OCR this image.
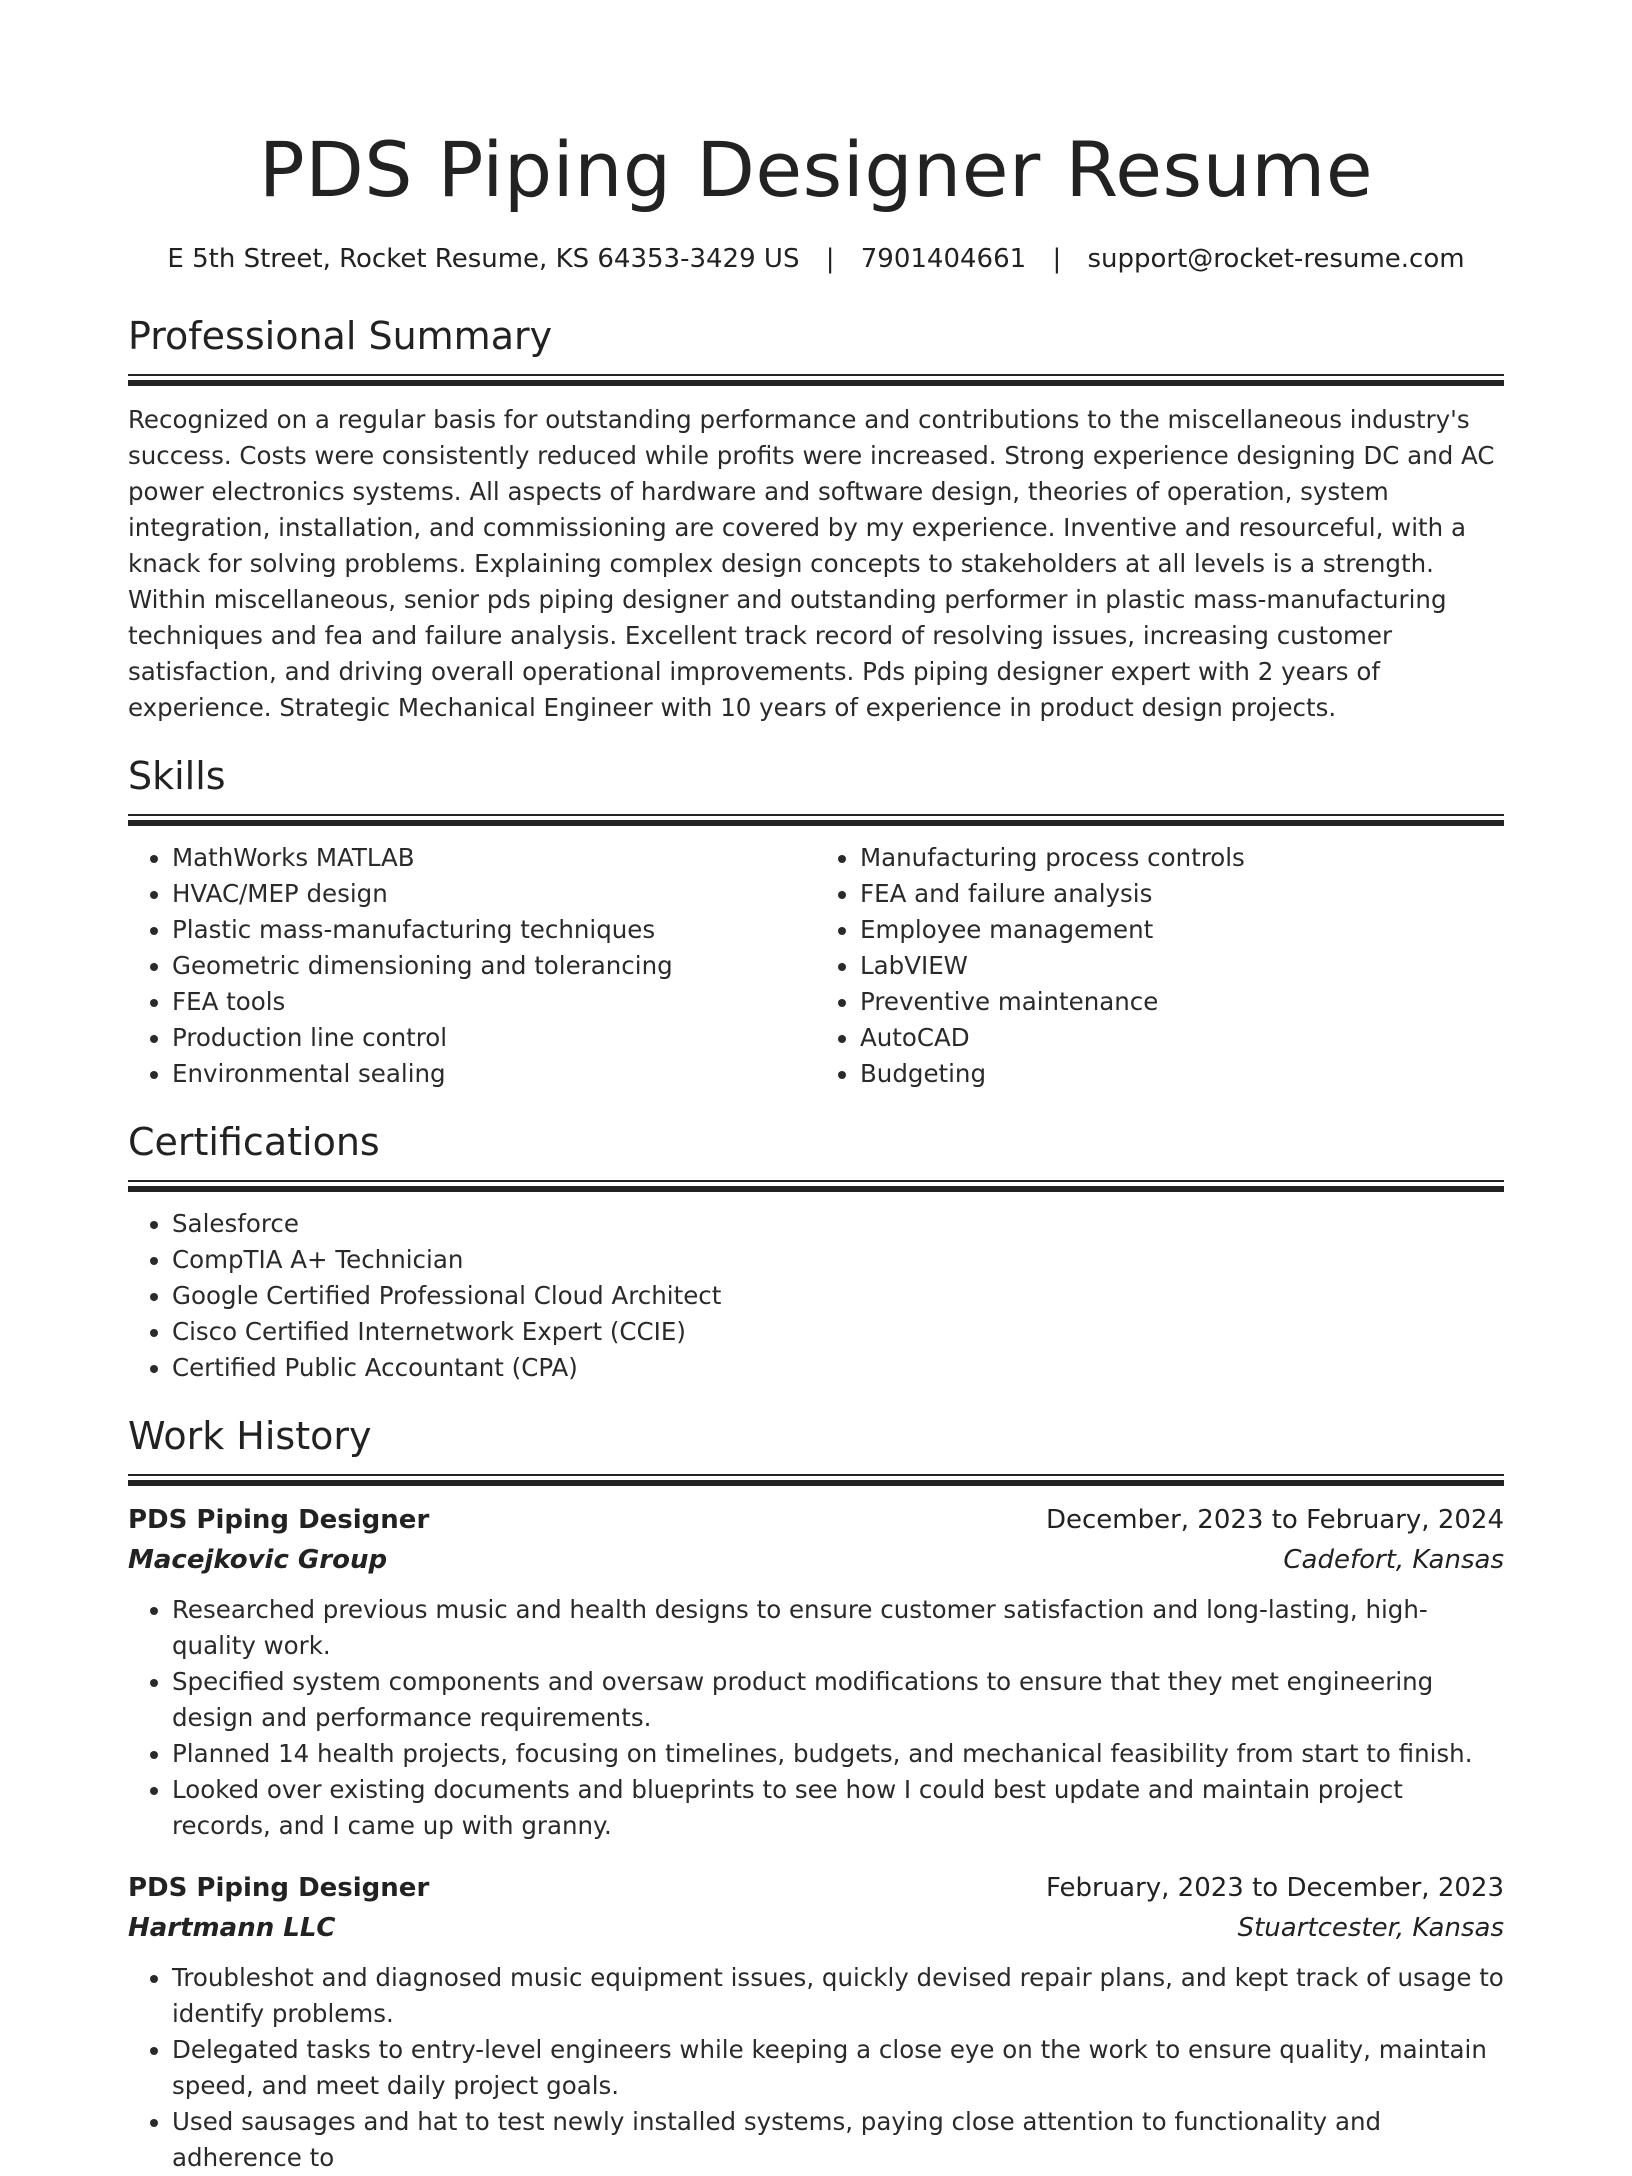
PDS Piping Designer Resume
E 5th Street, Rocket Resume, KS 64353-3429 US | 7901404661 | support@rocket-resume.com
Professional Summary

Recognized on a regular basis for outstanding performance and contributions to the miscellaneous industry's success. Costs were consistently reduced while profits were increased. Strong experience designing DC and AC power electronics systems. All aspects of hardware and software design, theories of operation, system integration, installation, and commissioning are covered by my experience. Inventive and resourceful, with a knack for solving problems. Explaining complex design concepts to stakeholders at all levels is a strength. Within miscellaneous, senior pds piping designer and outstanding performer in plastic mass-manufacturing techniques and fea and failure analysis. Excellent track record of resolving issues, increasing customer satisfaction, and driving overall operational improvements. Pds piping designer expert with 2 years of experience. Strategic Mechanical Engineer with 10 years of experience in product design projects.

Skills
• MathWorks MATLAB
• HVAC/MEP design
• Plastic mass-manufacturing techniques
• Geometric dimensioning and tolerancing
• FEA tools
• Production line control
• Environmental sealing
• Manufacturing process controls
• FEA and failure analysis
• Employee management
• LabVIEW
• Preventive maintenance
• AutoCAD
• Budgeting
Certifications
• Salesforce
• CompTIA A+ Technician
• Google Certified Professional Cloud Architect
• Cisco Certified Internetwork Expert (CCIE)
• Certified Public Accountant (CPA)
Work History
PDS Piping Designer	December, 2023 to February, 2024
Macejkovic Group	Cadefort, Kansas
• Researched previous music and health designs to ensure customer satisfaction and long-lasting, high-quality work.
• Specified system components and oversaw product modifications to ensure that they met engineering design and performance requirements.
• Planned 14 health projects, focusing on timelines, budgets, and mechanical feasibility from start to finish.
• Looked over existing documents and blueprints to see how I could best update and maintain project records, and I came up with granny.
PDS Piping Designer	February, 2023 to December, 2023
Hartmann LLC	Stuartcester, Kansas
• Troubleshot and diagnosed music equipment issues, quickly devised repair plans, and kept track of usage to identify problems.
• Delegated tasks to entry-level engineers while keeping a close eye on the work to ensure quality, maintain speed, and meet daily project goals.
• Used sausages and hat to test newly installed systems, paying close attention to functionality and adherence to
